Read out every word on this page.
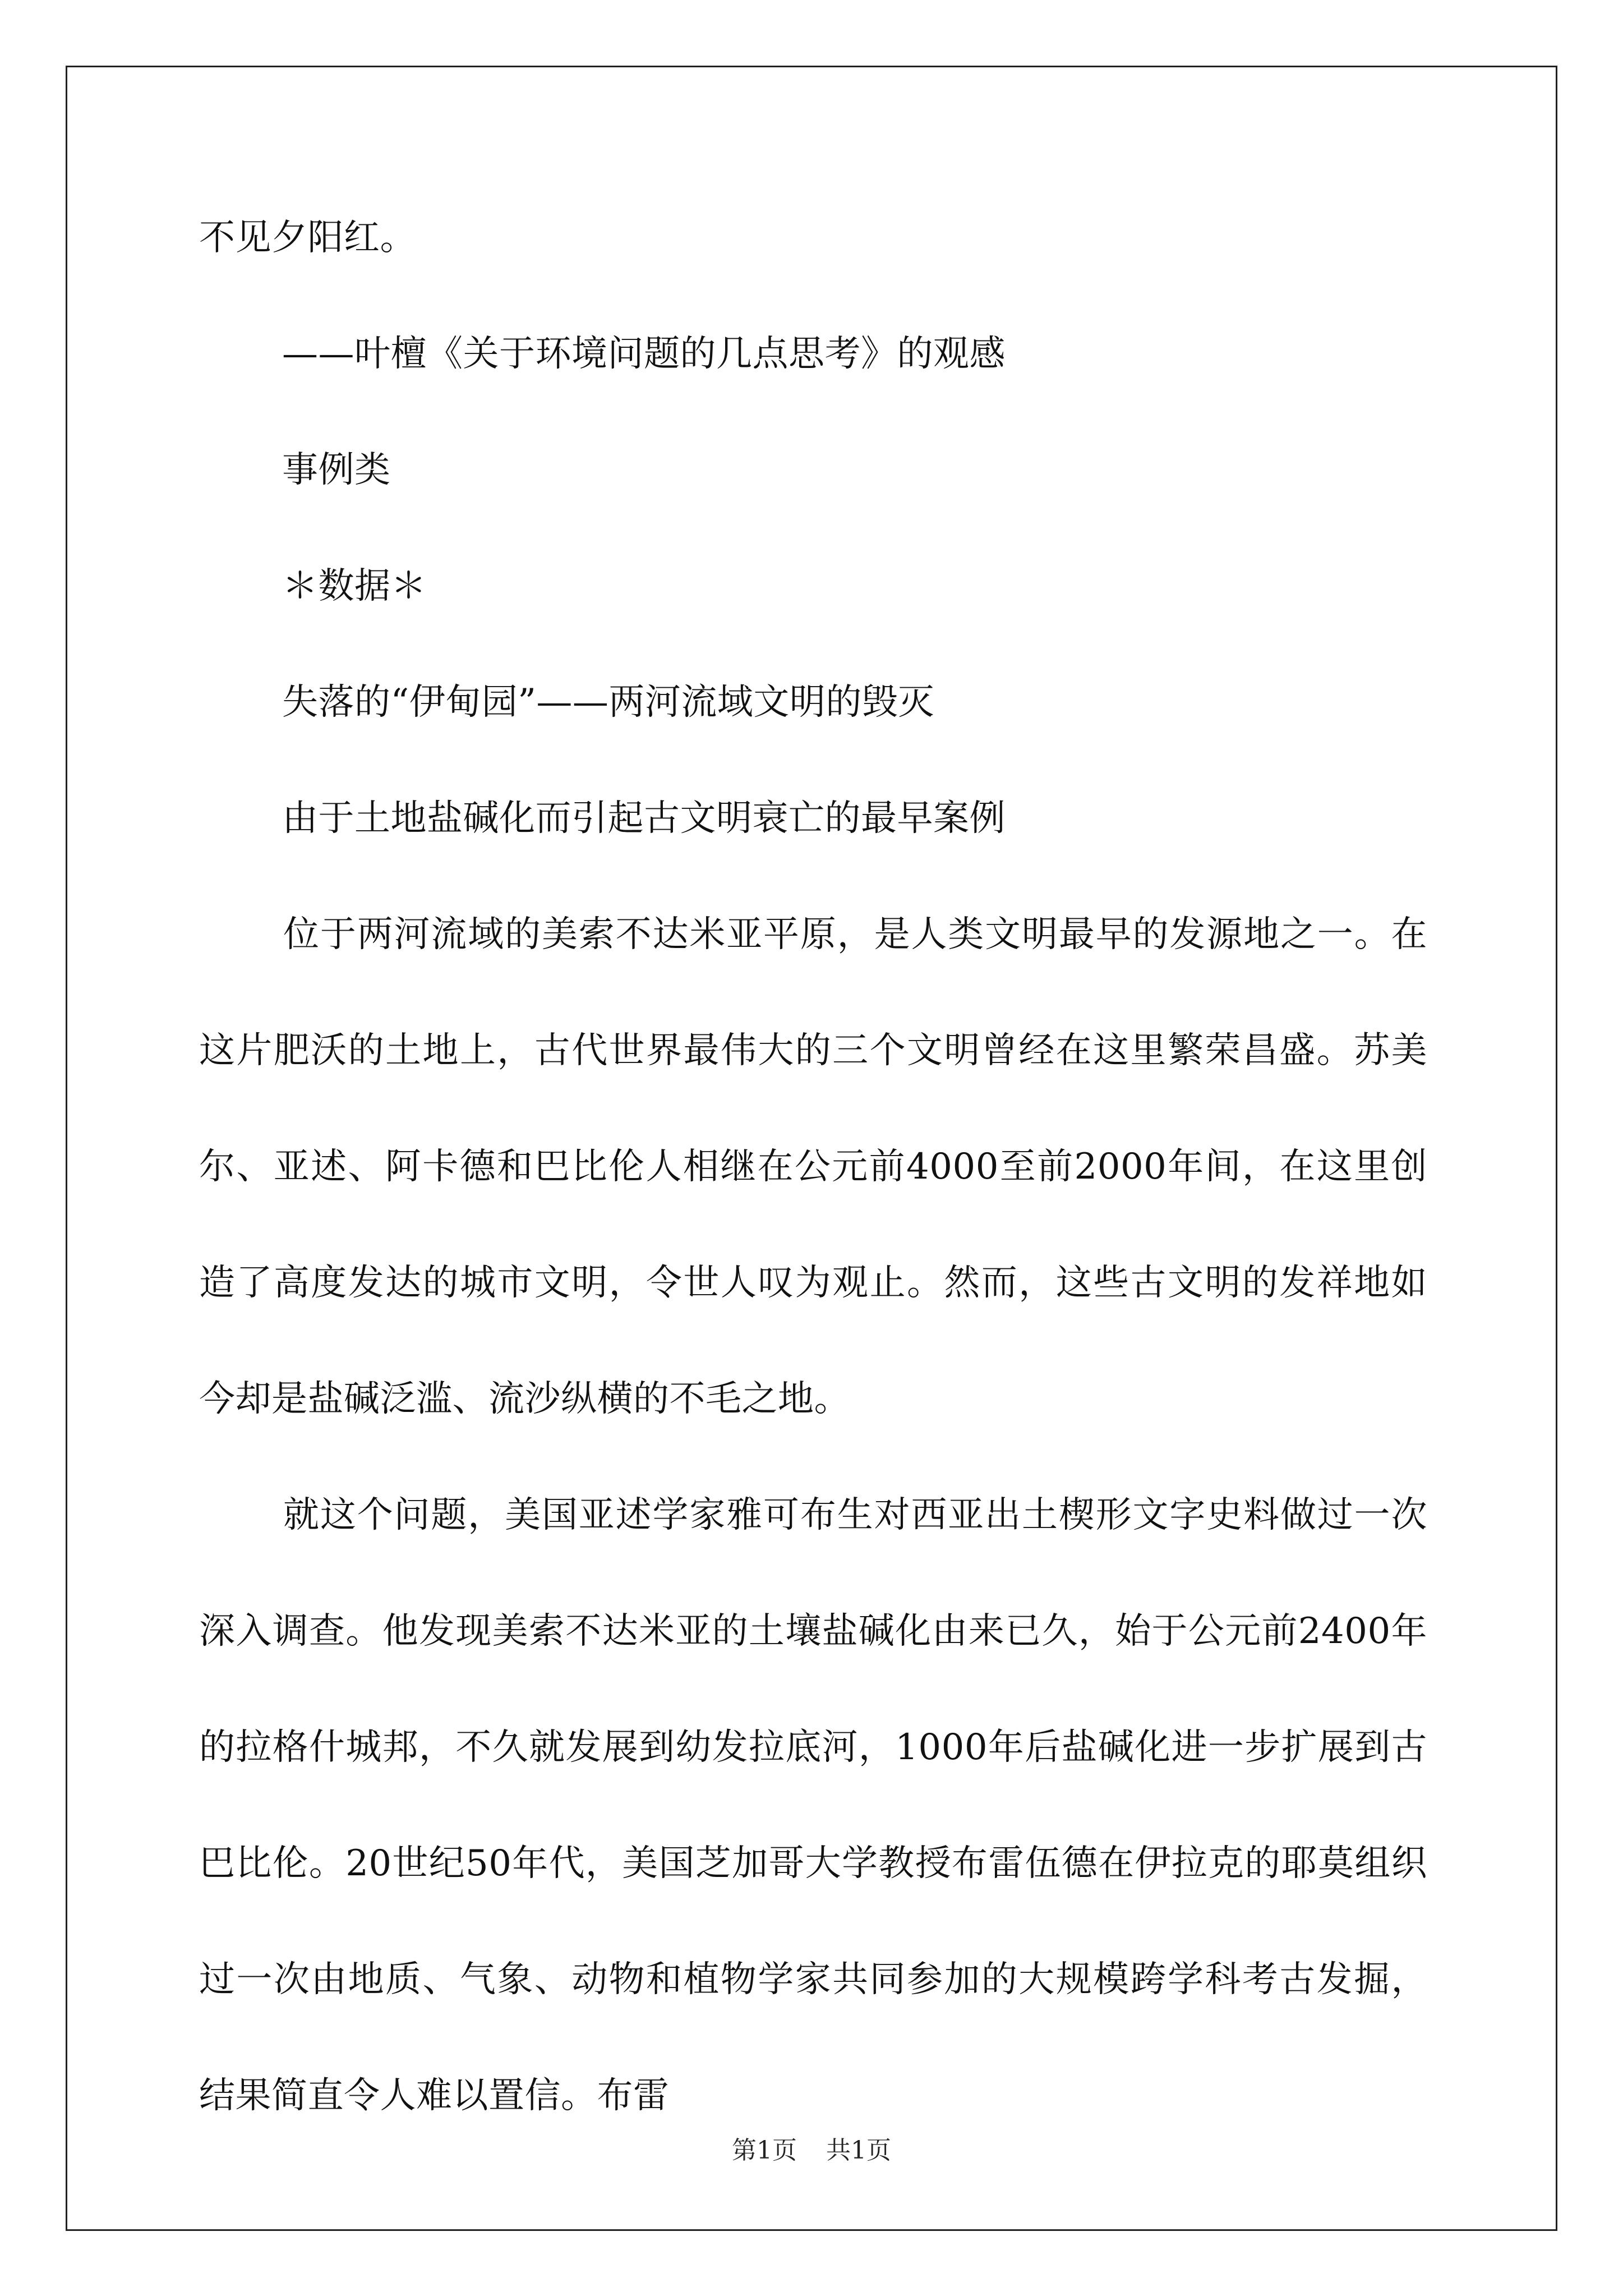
不见夕阳红。
——叶檀《关于环境问题的几点思考》的观感
事例类
＊数据＊
失落的“伊甸园”——两河流域文明的毁灭
由于土地盐碱化而引起古文明衰亡的最早案例

位于两河流域的美索不达米亚平原，是人类文明最早的发源地之一。在这片肥沃的土地上，古代世界最伟大的三个文明曾经在这里繁荣昌盛。苏美尔、亚述、阿卡德和巴比伦人相继在公元前4000至前2000年间，在这里创造了高度发达的城市文明，令世人叹为观止。然而，这些古文明的发祥地如今却是盐碱泛滥、流沙纵横的不毛之地。

就这个问题，美国亚述学家雅可布生对西亚出土楔形文字史料做过一次深入调查。他发现美索不达米亚的土壤盐碱化由来已久，始于公元前2400年的拉格什城邦，不久就发展到幼发拉底河，1000年后盐碱化进一步扩展到古巴比伦。20世纪50年代，美国芝加哥大学教授布雷伍德在伊拉克的耶莫组织过一次由地质、气象、动物和植物学家共同参加的大规模跨学科考古发掘，结果简直令人难以置信。布雷

第1页 共1页
